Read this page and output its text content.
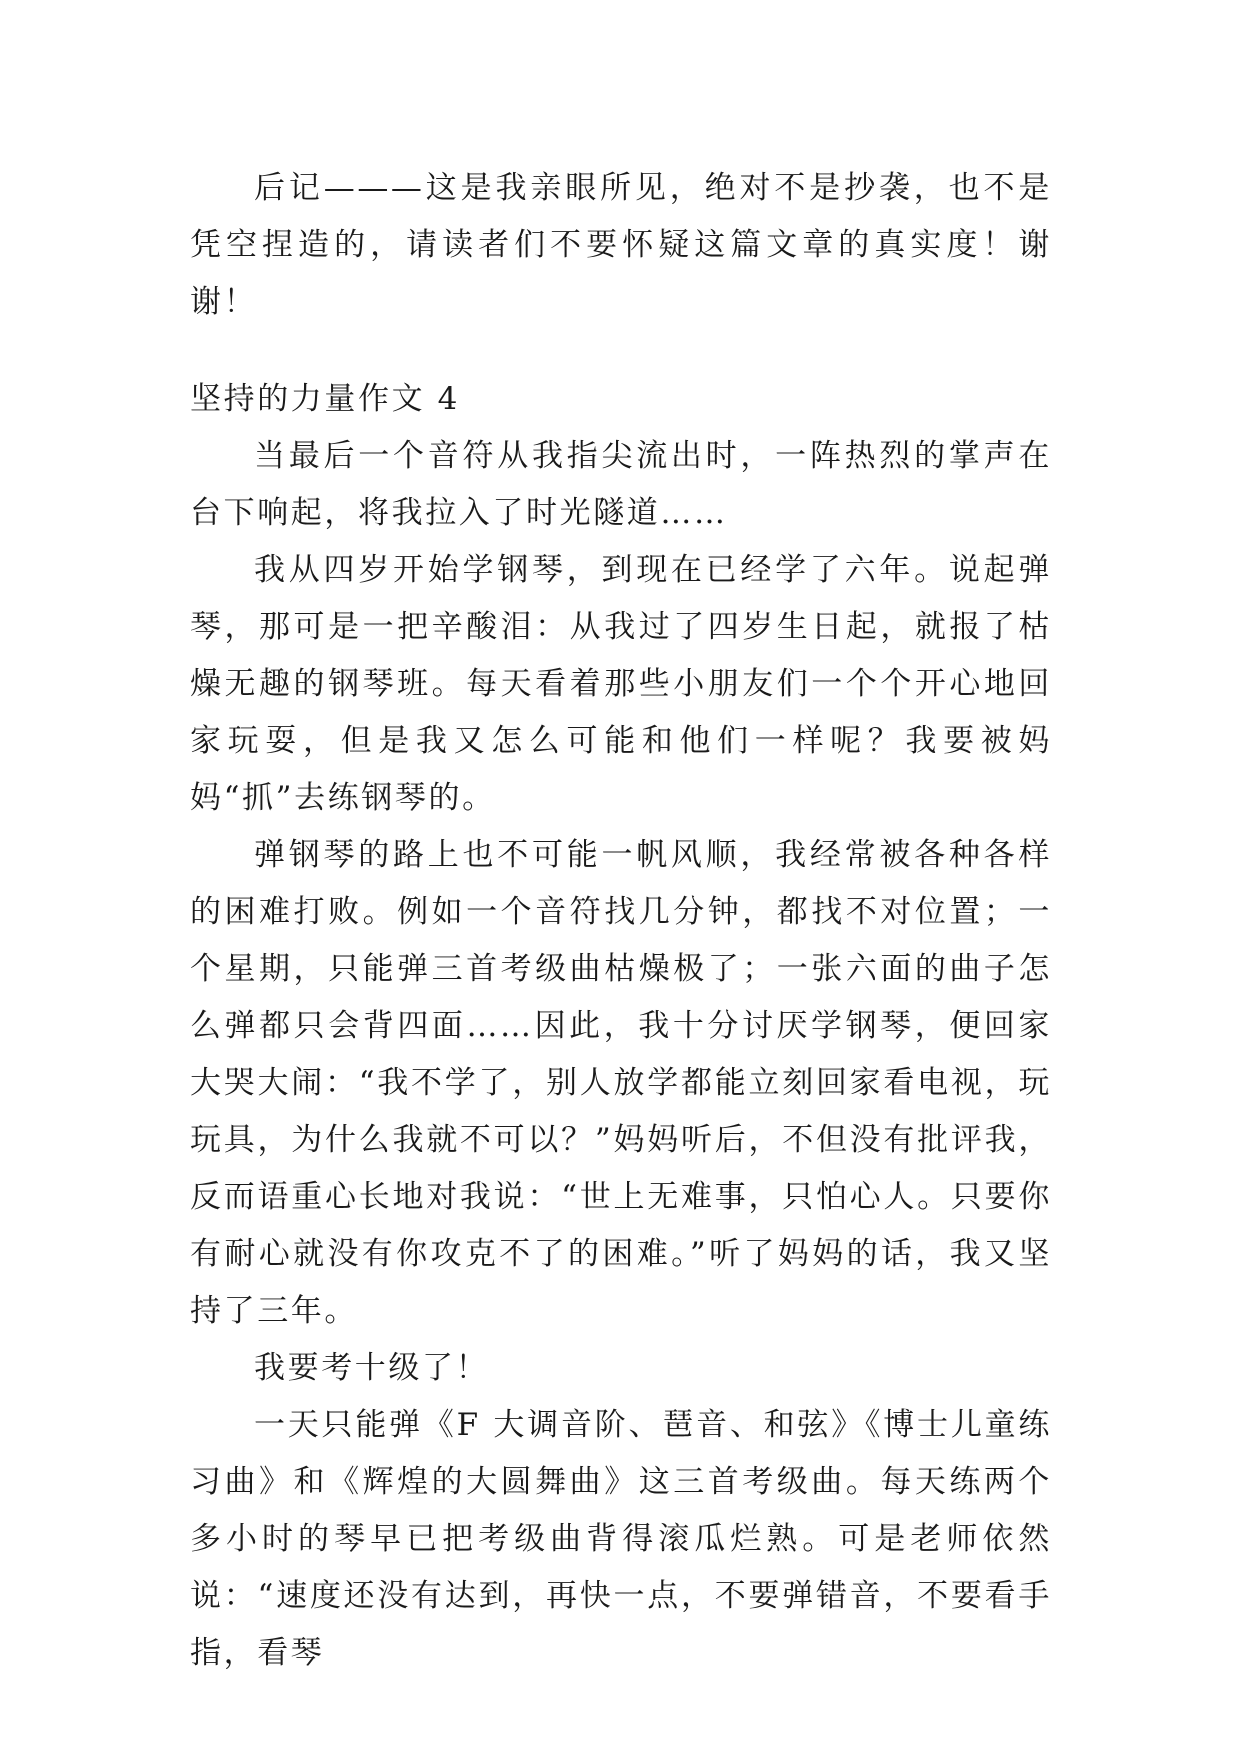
后记———这是我亲眼所见，绝对不是抄袭，也不是凭空捏造的，请读者们不要怀疑这篇文章的真实度！谢谢！

坚持的力量作文 4

当最后一个音符从我指尖流出时，一阵热烈的掌声在台下响起，将我拉入了时光隧道……

我从四岁开始学钢琴，到现在已经学了六年。说起弹琴，那可是一把辛酸泪：从我过了四岁生日起，就报了枯燥无趣的钢琴班。每天看着那些小朋友们一个个开心地回家玩耍，但是我又怎么可能和他们一样呢？我要被妈妈“抓”去练钢琴的。

弹钢琴的路上也不可能一帆风顺，我经常被各种各样的困难打败。例如一个音符找几分钟，都找不对位置；一个星期，只能弹三首考级曲枯燥极了；一张六面的曲子怎么弹都只会背四面……因此，我十分讨厌学钢琴，便回家大哭大闹：“我不学了，别人放学都能立刻回家看电视，玩玩具，为什么我就不可以？”妈妈听后，不但没有批评我，反而语重心长地对我说：“世上无难事，只怕心人。只要你有耐心就没有你攻克不了的困难。”听了妈妈的话，我又坚持了三年。

我要考十级了！

一天只能弹《F 大调音阶、琶音、和弦》《博士儿童练习曲》和《辉煌的大圆舞曲》这三首考级曲。每天练两个多小时的琴早已把考级曲背得滚瓜烂熟。可是老师依然说：“速度还没有达到，再快一点，不要弹错音，不要看手指，看琴
